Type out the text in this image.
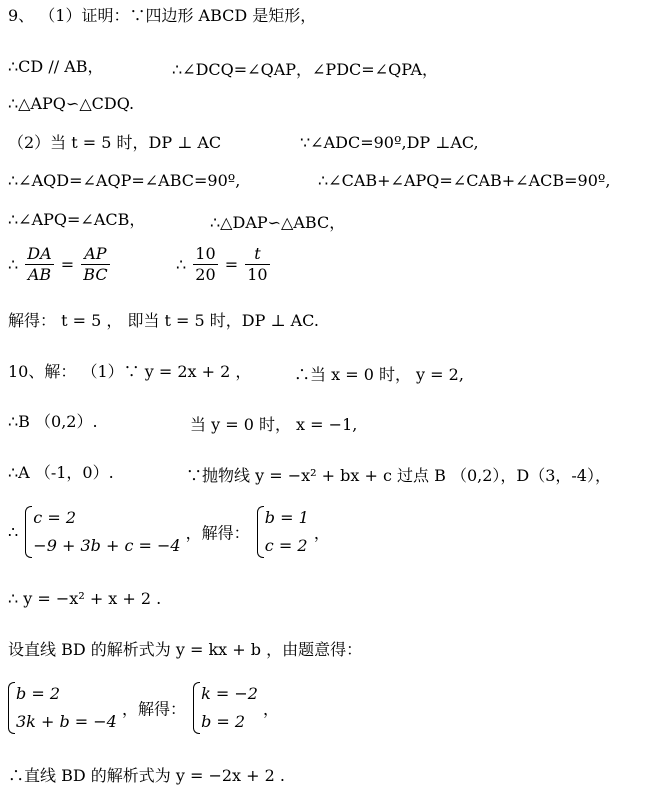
9、 （1）证明：∵四边形 ABCD 是矩形，
∴CD // AB，	∴∠DCQ=∠QAP，∠PDC=∠QPA，
∴△APQ∽△CDQ.
（2）当 t = 5 时，DP ⊥ AC	∵∠ADC=90º,DP ⊥AC,
∴∠AQD=∠AQP=∠ABC=90º,	∴∠CAB+∠APQ=∠CAB+∠ACB=90º,
∴∠APQ=∠ACB，	∴△DAP∽△ABC，
∴ $\frac{DA}{AB} = \frac{AP}{BC}$	∴ $\frac{10}{20} = \frac{t}{10}$
解得： t = 5 ， 即当 t = 5 时，DP ⊥ AC.
10、解： （1）∵ y = 2x + 2 ，	∴当 x = 0 时， y = 2,
∴B （0,2）.	当 y = 0 时， x = −1,
∴A （-1，0）.	∵抛物线 y = −x² + bx + c 过点 B （0,2），D（3，-4），
∴
c = 2
−9 + 3b + c = −4
，解得：
b = 1
c = 2
，
∴ y = −x² + x + 2 .
设直线 BD 的解析式为 y = kx + b ，由题意得：
b = 2
3k + b = −4
，解得：
k = −2
b = 2
，
∴直线 BD 的解析式为 y = −2x + 2 .
